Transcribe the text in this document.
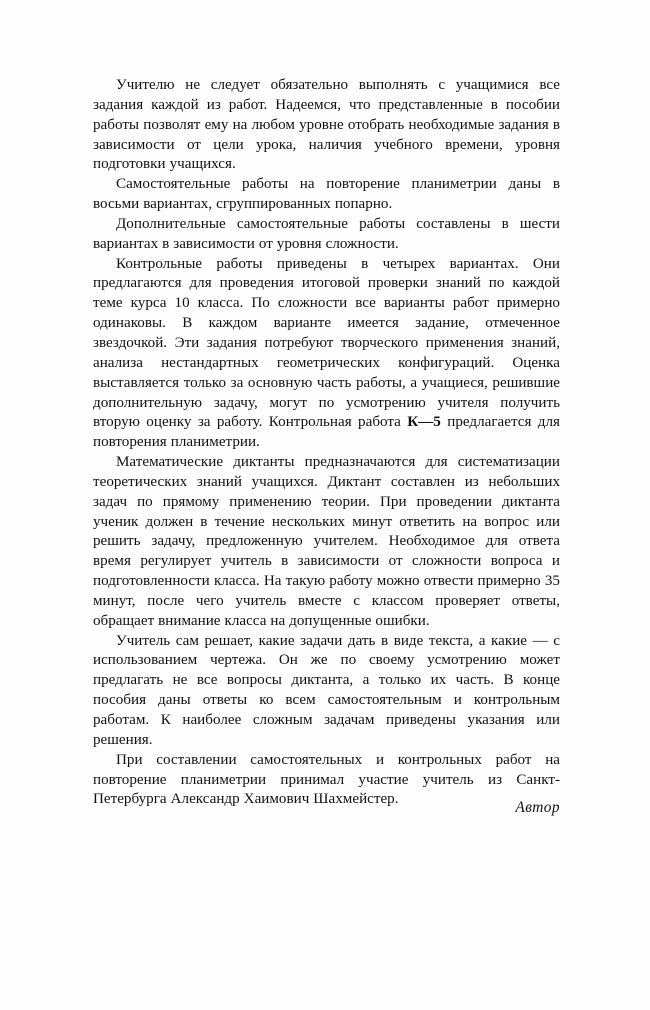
Учителю не следует обязательно выполнять с учащимися все задания каждой из работ. Надеемся, что представленные в пособии работы позволят ему на любом уровне отобрать необходимые задания в зависимости от цели урока, наличия учебного времени, уровня подготовки учащихся.

Самостоятельные работы на повторение планиметрии даны в восьми вариантах, сгруппированных попарно.

Дополнительные самостоятельные работы составлены в шести вариантах в зависимости от уровня сложности.

Контрольные работы приведены в четырех вариантах. Они предлагаются для проведения итоговой проверки знаний по каждой теме курса 10 класса. По сложности все варианты работ примерно одинаковы. В каждом варианте имеется задание, отмеченное звездочкой. Эти задания потребуют творческого применения знаний, анализа нестандартных геометрических конфигураций. Оценка выставляется только за основную часть работы, а учащиеся, решившие дополнительную задачу, могут по усмотрению учителя получить вторую оценку за работу. Контрольная работа К—5 предлагается для повторения планиметрии.

Математические диктанты предназначаются для систематизации теоретических знаний учащихся. Диктант составлен из небольших задач по прямому применению теории. При проведении диктанта ученик должен в течение нескольких минут ответить на вопрос или решить задачу, предложенную учителем. Необходимое для ответа время регулирует учитель в зависимости от сложности вопроса и подготовленности класса. На такую работу можно отвести примерно 35 минут, после чего учитель вместе с классом проверяет ответы, обращает внимание класса на допущенные ошибки.

Учитель сам решает, какие задачи дать в виде текста, а какие — с использованием чертежа. Он же по своему усмотрению может предлагать не все вопросы диктанта, а только их часть. В конце пособия даны ответы ко всем самостоятельным и контрольным работам. К наиболее сложным задачам приведены указания или решения.

При составлении самостоятельных и контрольных работ на повторение планиметрии принимал участие учитель из Санкт-Петербурга Александр Хаимович Шахмейстер.	Автор
